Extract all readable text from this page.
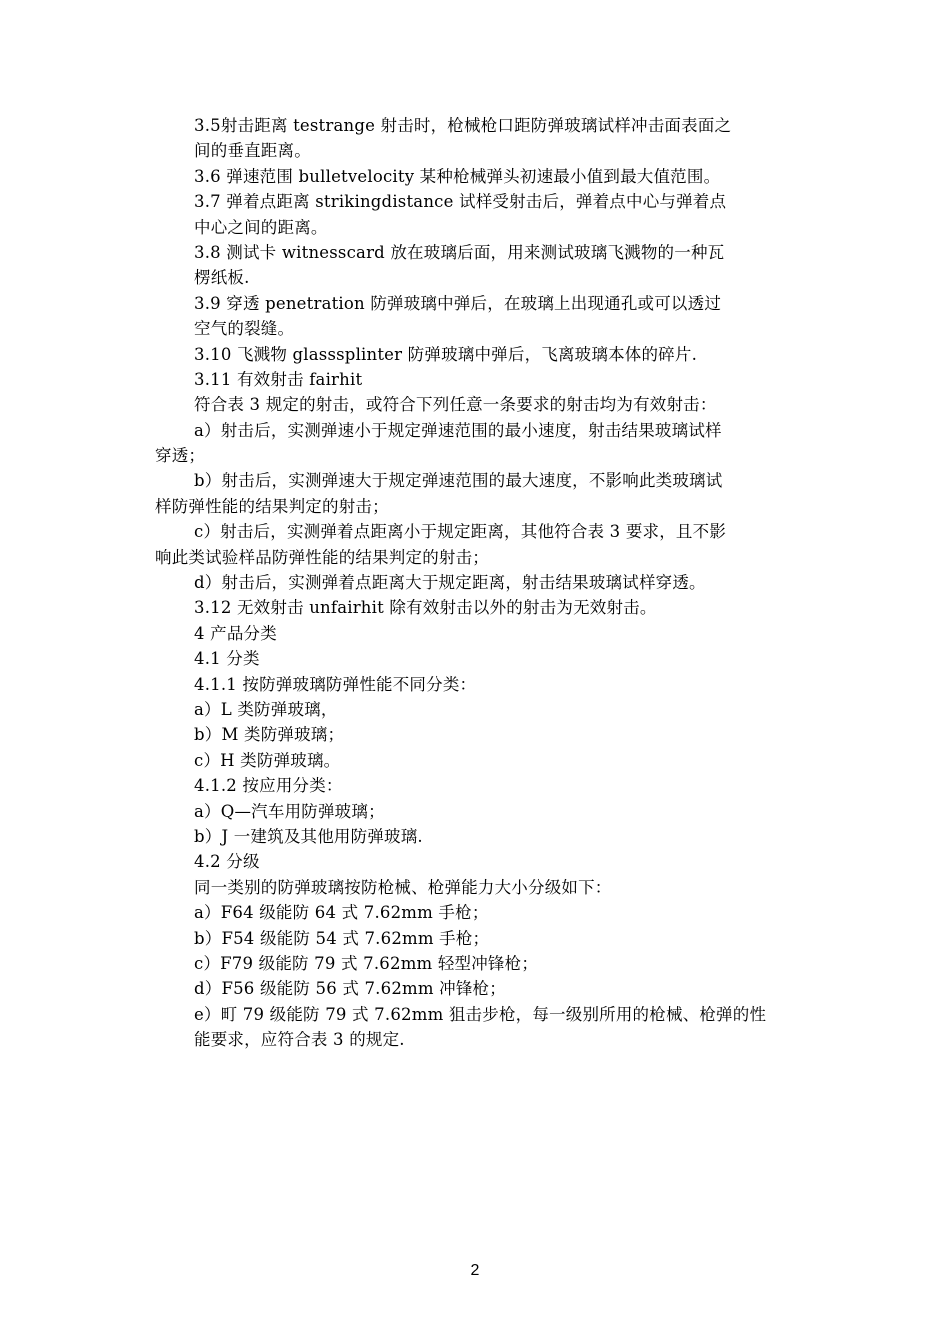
3.5射击距离 testrange 射击时，枪械枪口距防弹玻璃试样冲击面表面之
间的垂直距离。
3.6 弹速范围 bulletvelocity 某种枪械弹头初速最小值到最大值范围。
3.7 弹着点距离 strikingdistance 试样受射击后，弹着点中心与弹着点
中心之间的距离。
3.8 测试卡 witnesscard 放在玻璃后面，用来测试玻璃飞溅物的一种瓦
楞纸板.
3.9 穿透 penetration 防弹玻璃中弹后，在玻璃上出现通孔或可以透过
空气的裂缝。
3.10 飞溅物 glasssplinter 防弹玻璃中弹后，飞离玻璃本体的碎片.
3.11 有效射击 fairhit
符合表 3 规定的射击，或符合下列任意一条要求的射击均为有效射击：
a）射击后，实测弹速小于规定弹速范围的最小速度，射击结果玻璃试样
穿透；
b）射击后，实测弹速大于规定弹速范围的最大速度，不影响此类玻璃试
样防弹性能的结果判定的射击；
c）射击后，实测弹着点距离小于规定距离，其他符合表 3 要求，且不影
响此类试验样品防弹性能的结果判定的射击；
d）射击后，实测弹着点距离大于规定距离，射击结果玻璃试样穿透。
3.12 无效射击 unfairhit 除有效射击以外的射击为无效射击。
4 产品分类
4.1 分类
4.1.1 按防弹玻璃防弹性能不同分类：
a）L 类防弹玻璃，
b）M 类防弹玻璃；
c）H 类防弹玻璃。
4.1.2 按应用分类：
a）Q—汽车用防弹玻璃；
b）J 一建筑及其他用防弹玻璃.
4.2 分级
同一类别的防弹玻璃按防枪械、枪弹能力大小分级如下：
a）F64 级能防 64 式 7.62mm 手枪；
b）F54 级能防 54 式 7.62mm 手枪；
c）F79 级能防 79 式 7.62mm 轻型冲锋枪；
d）F56 级能防 56 式 7.62mm 冲锋枪；
e）町 79 级能防 79 式 7.62mm 狙击步枪，每一级别所用的枪械、枪弹的性
能要求，应符合表 3 的规定.
2
